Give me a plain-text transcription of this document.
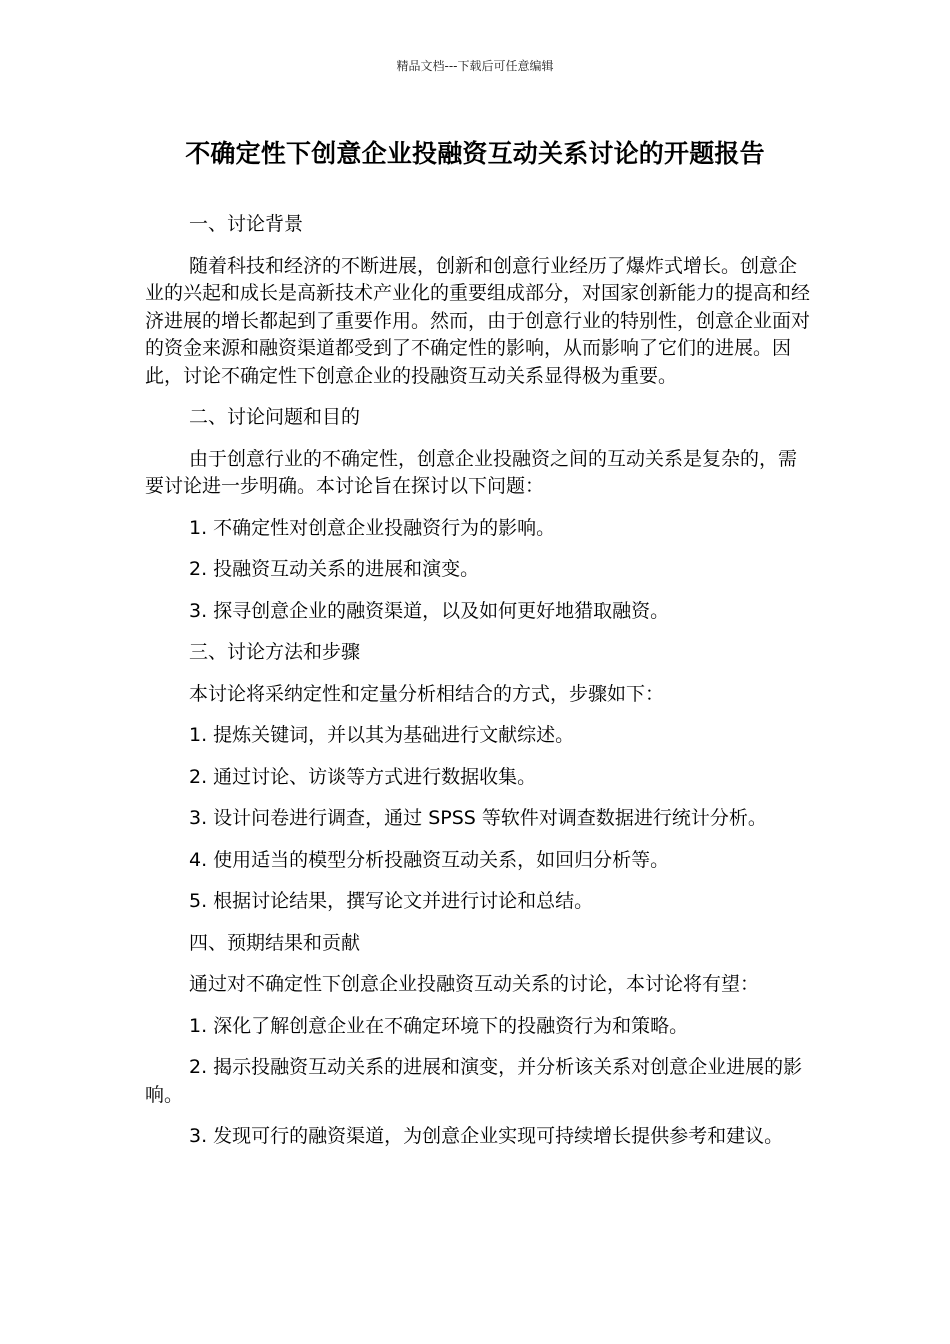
精品文档---下载后可任意编辑
不确定性下创意企业投融资互动关系讨论的开题报告

一、讨论背景

随着科技和经济的不断进展，创新和创意行业经历了爆炸式增长。创意企业的兴起和成长是高新技术产业化的重要组成部分，对国家创新能力的提高和经济进展的增长都起到了重要作用。然而，由于创意行业的特别性，创意企业面对的资金来源和融资渠道都受到了不确定性的影响，从而影响了它们的进展。因此，讨论不确定性下创意企业的投融资互动关系显得极为重要。

二、讨论问题和目的

由于创意行业的不确定性，创意企业投融资之间的互动关系是复杂的，需要讨论进一步明确。本讨论旨在探讨以下问题：

1. 不确定性对创意企业投融资行为的影响。

2. 投融资互动关系的进展和演变。

3. 探寻创意企业的融资渠道，以及如何更好地猎取融资。

三、讨论方法和步骤

本讨论将采纳定性和定量分析相结合的方式，步骤如下：

1. 提炼关键词，并以其为基础进行文献综述。

2. 通过讨论、访谈等方式进行数据收集。

3. 设计问卷进行调查，通过 SPSS 等软件对调查数据进行统计分析。

4. 使用适当的模型分析投融资互动关系，如回归分析等。

5. 根据讨论结果，撰写论文并进行讨论和总结。

四、预期结果和贡献

通过对不确定性下创意企业投融资互动关系的讨论，本讨论将有望：

1. 深化了解创意企业在不确定环境下的投融资行为和策略。

2. 揭示投融资互动关系的进展和演变，并分析该关系对创意企业进展的影响。

3. 发现可行的融资渠道，为创意企业实现可持续增长提供参考和建议。
